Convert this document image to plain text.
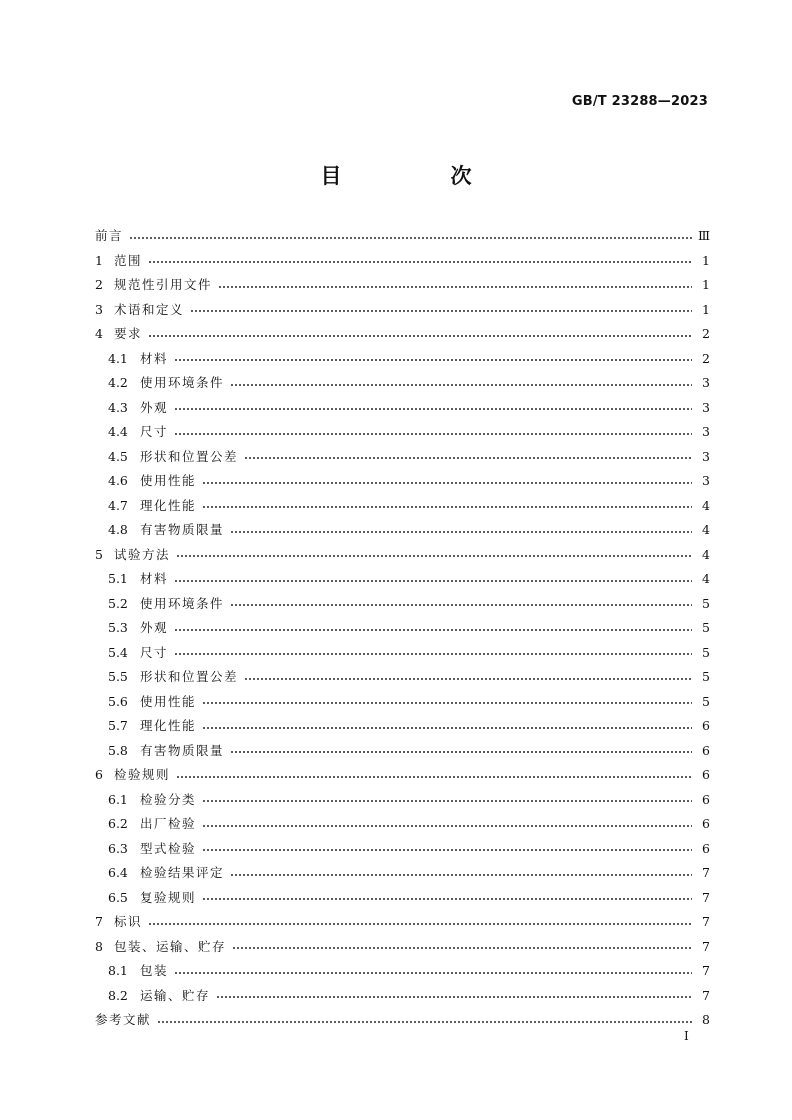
GB/T 23288—2023
目　次
前言	Ⅲ
1 范围	1
2 规范性引用文件	1
3 术语和定义	1
4 要求	2
4.1 材料	2
4.2 使用环境条件	3
4.3 外观	3
4.4 尺寸	3
4.5 形状和位置公差	3
4.6 使用性能	3
4.7 理化性能	4
4.8 有害物质限量	4
5 试验方法	4
5.1 材料	4
5.2 使用环境条件	5
5.3 外观	5
5.4 尺寸	5
5.5 形状和位置公差	5
5.6 使用性能	5
5.7 理化性能	6
5.8 有害物质限量	6
6 检验规则	6
6.1 检验分类	6
6.2 出厂检验	6
6.3 型式检验	6
6.4 检验结果评定	7
6.5 复验规则	7
7 标识	7
8 包装、运输、贮存	7
8.1 包装	7
8.2 运输、贮存	7
参考文献	8
Ⅰ
